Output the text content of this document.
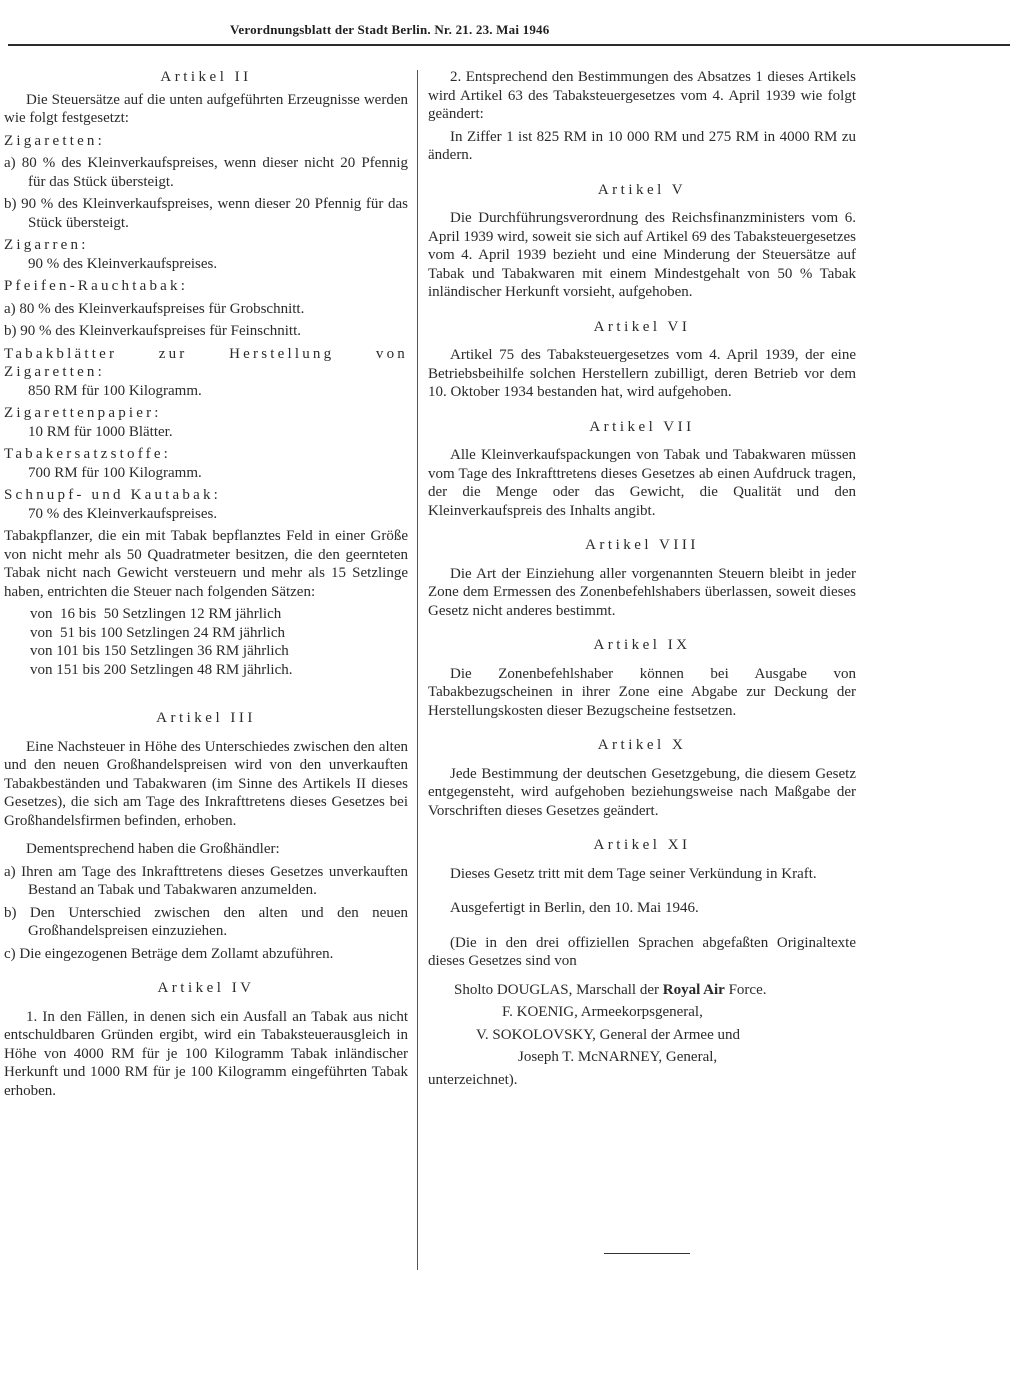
Verordnungsblatt der Stadt Berlin. Nr. 21. 23. Mai 1946
Artikel II

Die Steuersätze auf die unten aufgeführten Erzeugnisse werden wie folgt festgesetzt:

Zigaretten:

a) 80 % des Kleinverkaufspreises, wenn dieser nicht 20 Pfennig für das Stück übersteigt.

b) 90 % des Kleinverkaufspreises, wenn dieser 20 Pfennig für das Stück übersteigt.

Zigarren:

90 % des Kleinverkaufspreises.

Pfeifen-Rauchtabak:

a) 80 % des Kleinverkaufspreises für Grobschnitt.

b) 90 % des Kleinverkaufspreises für Feinschnitt.

Tabakblätter zur Herstellung von Zigaretten:

850 RM für 100 Kilogramm.

Zigarettenpapier:

10 RM für 1000 Blätter.

Tabakersatzstoffe:

700 RM für 100 Kilogramm.

Schnupf- und Kautabak:

70 % des Kleinverkaufspreises.

Tabakpflanzer, die ein mit Tabak bepflanztes Feld in einer Größe von nicht mehr als 50 Quadratmeter besitzen, die den geernteten Tabak nicht nach Gewicht versteuern und mehr als 15 Setzlinge haben, entrichten die Steuer nach folgenden Sätzen:

von  16 bis  50 Setzlingen 12 RM jährlich
von  51 bis 100 Setzlingen 24 RM jährlich
von 101 bis 150 Setzlingen 36 RM jährlich
von 151 bis 200 Setzlingen 48 RM jährlich.
Artikel III

Eine Nachsteuer in Höhe des Unterschiedes zwischen den alten und den neuen Großhandelspreisen wird von den unverkauften Tabakbeständen und Tabakwaren (im Sinne des Artikels II dieses Gesetzes), die sich am Tage des Inkrafttretens dieses Gesetzes bei Großhandelsfirmen befinden, erhoben.

Dementsprechend haben die Großhändler:

a) Ihren am Tage des Inkrafttretens dieses Gesetzes unverkauften Bestand an Tabak und Tabakwaren anzumelden.

b) Den Unterschied zwischen den alten und den neuen Großhandelspreisen einzuziehen.

c) Die eingezogenen Beträge dem Zollamt abzuführen.

Artikel IV

1. In den Fällen, in denen sich ein Ausfall an Tabak aus nicht entschuldbaren Gründen ergibt, wird ein Tabaksteuerausgleich in Höhe von 4000 RM für je 100 Kilogramm Tabak inländischer Herkunft und 1000 RM für je 100 Kilogramm eingeführten Tabak erhoben.

2. Entsprechend den Bestimmungen des Absatzes 1 dieses Artikels wird Artikel 63 des Tabaksteuergesetzes vom 4. April 1939 wie folgt geändert:

In Ziffer 1 ist 825 RM in 10 000 RM und 275 RM in 4000 RM zu ändern.

Artikel V

Die Durchführungsverordnung des Reichsfinanzministers vom 6. April 1939 wird, soweit sie sich auf Artikel 69 des Tabaksteuergesetzes vom 4. April 1939 bezieht und eine Minderung der Steuersätze auf Tabak und Tabakwaren mit einem Mindestgehalt von 50 % Tabak inländischer Herkunft vorsieht, aufgehoben.

Artikel VI

Artikel 75 des Tabaksteuergesetzes vom 4. April 1939, der eine Betriebsbeihilfe solchen Herstellern zubilligt, deren Betrieb vor dem 10. Oktober 1934 bestanden hat, wird aufgehoben.

Artikel VII

Alle Kleinverkaufspackungen von Tabak und Tabakwaren müssen vom Tage des Inkrafttretens dieses Gesetzes ab einen Aufdruck tragen, der die Menge oder das Gewicht, die Qualität und den Kleinverkaufspreis des Inhalts angibt.

Artikel VIII

Die Art der Einziehung aller vorgenannten Steuern bleibt in jeder Zone dem Ermessen des Zonenbefehlshabers überlassen, soweit dieses Gesetz nicht anderes bestimmt.

Artikel IX

Die Zonenbefehlshaber können bei Ausgabe von Tabakbezugscheinen in ihrer Zone eine Abgabe zur Deckung der Herstellungskosten dieser Bezugscheine festsetzen.

Artikel X

Jede Bestimmung der deutschen Gesetzgebung, die diesem Gesetz entgegensteht, wird aufgehoben beziehungsweise nach Maßgabe der Vorschriften dieses Gesetzes geändert.

Artikel XI

Dieses Gesetz tritt mit dem Tage seiner Verkündung in Kraft.

Ausgefertigt in Berlin, den 10. Mai 1946.

(Die in den drei offiziellen Sprachen abgefaßten Originaltexte dieses Gesetzes sind von

Sholto DOUGLAS, Marschall der Royal Air Force.

F. KOENIG, Armeekorpsgeneral,

V. SOKOLOVSKY, General der Armee und

Joseph T. McNARNEY, General,

unterzeichnet).
